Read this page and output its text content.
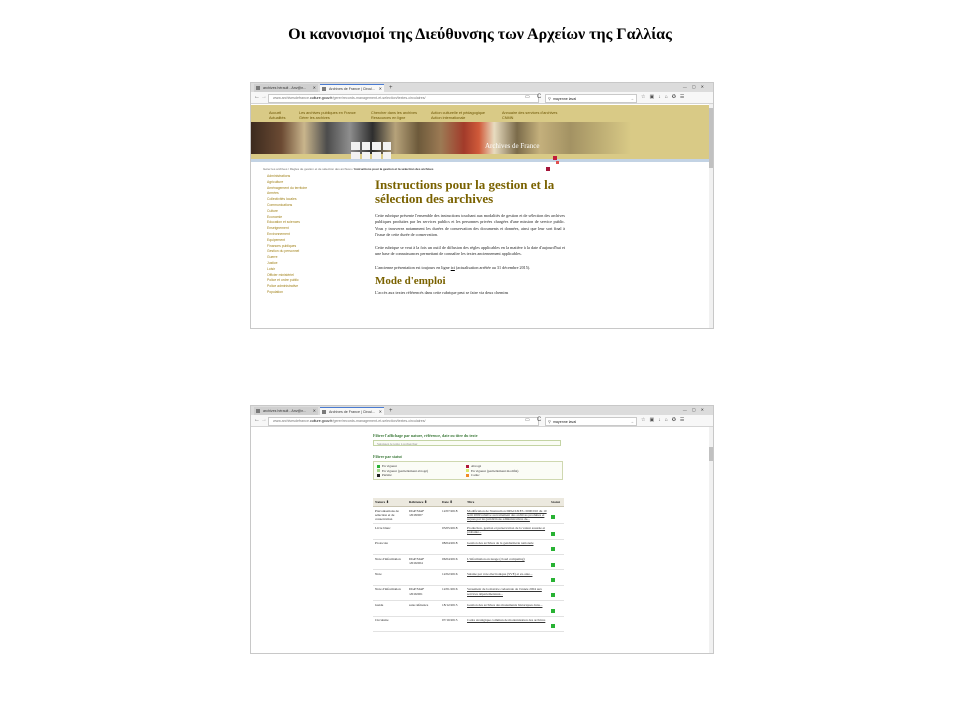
Οι κανονισμοί της Διεύθυνσης των Αρχείων της Γαλλίας
archives hérault - Anv@n... ✕	Archives de France | Circul... ✕	+	—▢✕
← →	www.archivesdefrance.culture.gouv.fr/gerer/records-management-et-selection/textes-circulaires/	▭ C	⚲ mayenne laval	→ ☆▣↓⌂✪☰
Accueil
Actualités
Les archives publiques en France
Gérer les archives
Chercher dans les archives
Ressources en ligne
Action culturelle et pédagogique
Action internationale
Annuaire des services d'archives
CNMN
Archives de France
Gérer les archives / Règles de gestion et de sélection des archives / Instructions pour la gestion et la sélection des archives
Administrations
Agriculture
Aménagement du territoire
Armées
Collectivités locales
Communications
Culture
Economie
Education et sciences
Enseignement
Environnement
Equipement
Finances publiques
Gestion du personnel
Guerre
Justice
Loisir
Officier ministériel
Police et ordre public
Police administrative
Population
Instructions pour la gestion et la sélection des archives

Cette rubrique présente l'ensemble des instructions touchant aux modalités de gestion et de sélection des archives publiques produites par les services publics et les personnes privées chargées d'une mission de service public. Vous y trouverez notamment les durées de conservation des documents et données, ainsi que leur sort final à l'issue de cette durée de conservation.

Cette rubrique se veut à la fois un outil de diffusion des règles applicables en la matière à la date d'aujourd'hui et une base de connaissances permettant de connaître les textes anciennement applicables.

L'ancienne présentation est toujours en ligne ici (actualisation arrêtée au 31 décembre 2015).

Mode d'emploi

L'accès aux textes référencés dans cette rubrique peut se faire via deux chemins

archives hérault - Anv@n... ✕	Archives de France | Circul... ✕	+	—▢✕
← →	www.archivesdefrance.culture.gouv.fr/gerer/records-management-et-selection/textes-circulaires/	▭ C	⚲ mayenne laval	→ ☆▣↓⌂✪☰
Filtrer l'affichage par nature, référence, date ou titre du texte
Saisissez le texte à rechercher
Filtrer par statut
En vigueur
En vigueur (partiellement abrogé)
Périmé
Abrogé
En vigueur (partiellement modifié)
Caduc
Nature ⬍	Référence ⬍	Date ⬍	Titre	Statut
Préconisations de sélection et de conservation	DGP/SIAF /2018/007	12/07/2018	Modification de l'instruction DPACI/RES /2000/010 du 10 août 2009 relative au traitement des archives produites et reçues par les juridictions administratives de...	
Livre blanc		03/05/2018	Production, gestion et préservation de la valeur assurée et probante...	
Protocole		08/04/2018	Gestion des archives de la gendarmerie nationale	
Note d'information	DGP/SIAF /2016/004	06/04/2016	L'information en nuage (cloud computing)	
Note		12/02/2016	Saisine par voie électronique (SVE) et ex-ante...	
Note d'information	DGP/SIAF /2016/001	12/01/2016	Versement de la matrice cadastrale de l'année 2004 aux services départementaux...	
Guide	sans référence	18/12/2015	Gestion des archives des monuments historiques dans...	
Circulaire		07/10/2015	Cadre stratégique commun de modernisation des archives	
